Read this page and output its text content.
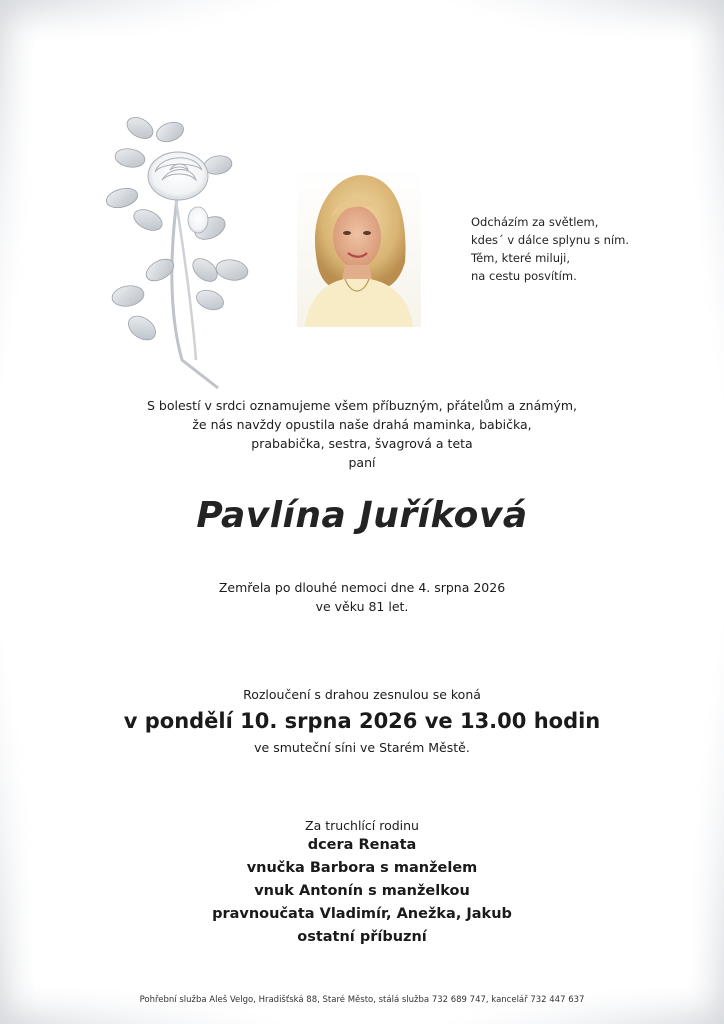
Odcházím za světlem,
kdes´ v dálce splynu s ním.
Těm, které miluji,
na cestu posvítím.
S bolestí v srdci oznamujeme všem příbuzným, přátelům a známým,
že nás navždy opustila naše drahá maminka, babička,
prababička, sestra, švagrová a teta
paní
Pavlína Juříková
Zemřela po dlouhé nemoci dne 4. srpna 2026
ve věku 81 let.
Rozloučení s drahou zesnulou se koná
v pondělí 10. srpna 2026 ve 13.00 hodin
ve smuteční síni ve Starém Městě.
Za truchlící rodinu
dcera Renata
vnučka Barbora s manželem
vnuk Antonín s manželkou
pravnoučata Vladimír, Anežka, Jakub
ostatní příbuzní
Pohřební služba Aleš Velgo, Hradišťská 88, Staré Město, stálá služba 732 689 747, kancelář 732 447 637
